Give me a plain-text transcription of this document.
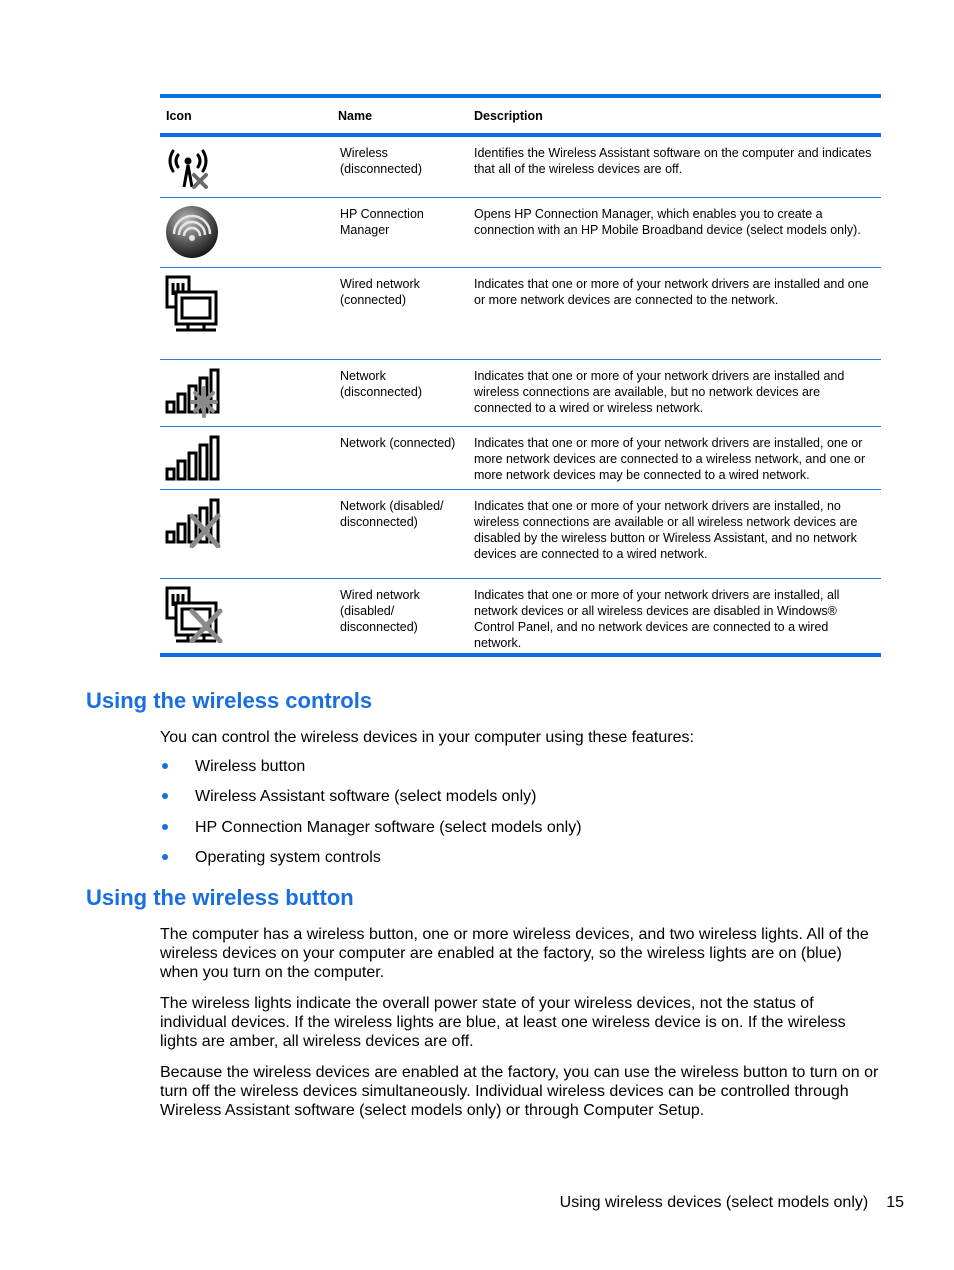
Icon	Name	Description
	Wireless (disconnected)	Identifies the Wireless Assistant software on the computer and indicates that all of the wireless devices are off.
	HP Connection Manager	Opens HP Connection Manager, which enables you to create a connection with an HP Mobile Broadband device (select models only).
	Wired network (connected)	Indicates that one or more of your network drivers are installed and one or more network devices are connected to the network.
	Network (disconnected)	Indicates that one or more of your network drivers are installed and wireless connections are available, but no network devices are connected to a wired or wireless network.
	Network (connected)	Indicates that one or more of your network drivers are installed, one or more network devices are connected to a wireless network, and one or more network devices may be connected to a wired network.
	Network (disabled/ disconnected)	Indicates that one or more of your network drivers are installed, no wireless connections are available or all wireless network devices are disabled by the wireless button or Wireless Assistant, and no network devices are connected to a wired network.
	Wired network (disabled/ disconnected)	Indicates that one or more of your network drivers are installed, all network devices or all wireless devices are disabled in Windows® Control Panel, and no network devices are connected to a wired network.
Using the wireless controls

You can control the wireless devices in your computer using these features:

Wireless button
Wireless Assistant software (select models only)
HP Connection Manager software (select models only)
Operating system controls
Using the wireless button

The computer has a wireless button, one or more wireless devices, and two wireless lights. All of the wireless devices on your computer are enabled at the factory, so the wireless lights are on (blue) when you turn on the computer.

The wireless lights indicate the overall power state of your wireless devices, not the status of individual devices. If the wireless lights are blue, at least one wireless device is on. If the wireless lights are amber, all wireless devices are off.

Because the wireless devices are enabled at the factory, you can use the wireless button to turn on or turn off the wireless devices simultaneously. Individual wireless devices can be controlled through Wireless Assistant software (select models only) or through Computer Setup.

Using wireless devices (select models only) 15
